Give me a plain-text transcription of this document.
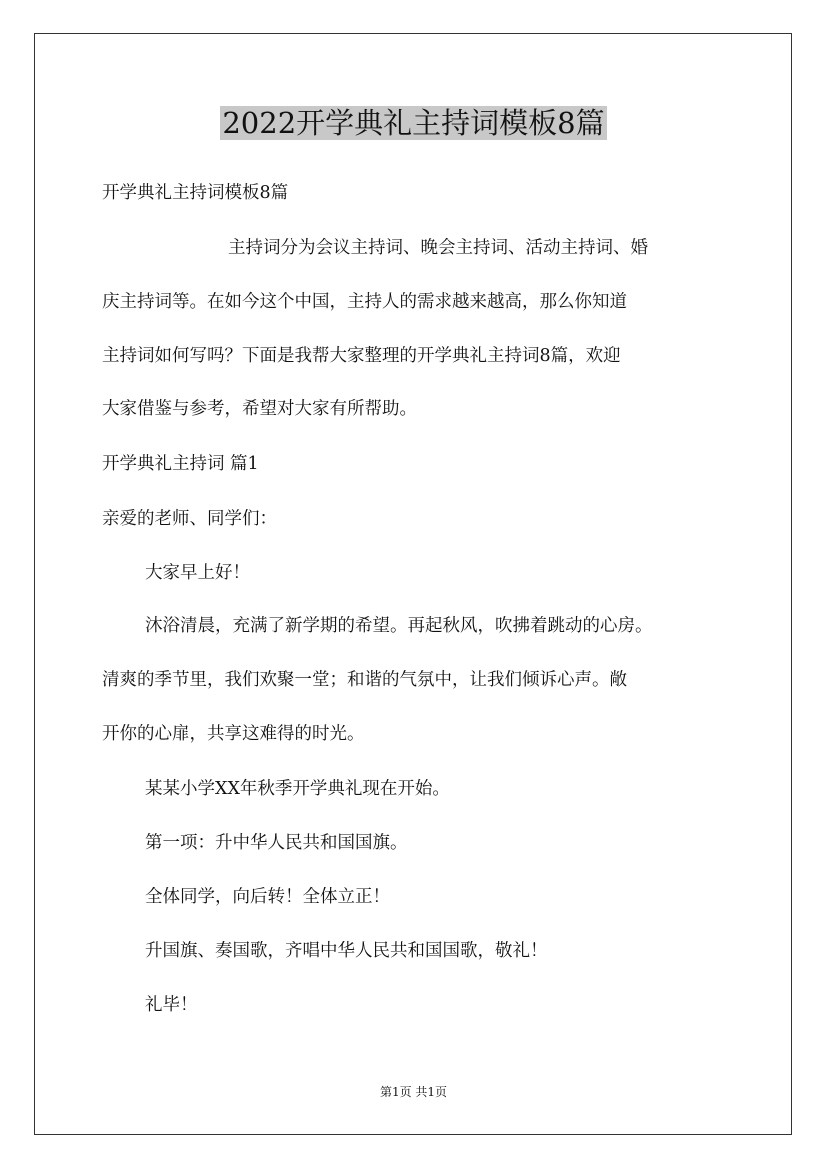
2022开学典礼主持词模板8篇

开学典礼主持词模板8篇

主持词分为会议主持词、晚会主持词、活动主持词、婚

庆主持词等。在如今这个中国，主持人的需求越来越高，那么你知道

主持词如何写吗？下面是我帮大家整理的开学典礼主持词8篇，欢迎

大家借鉴与参考，希望对大家有所帮助。

开学典礼主持词 篇1

亲爱的老师、同学们：

大家早上好！

沐浴清晨，充满了新学期的希望。再起秋风，吹拂着跳动的心房。

清爽的季节里，我们欢聚一堂；和谐的气氛中，让我们倾诉心声。敞

开你的心扉，共享这难得的时光。

某某小学XX年秋季开学典礼现在开始。

第一项：升中华人民共和国国旗。

全体同学，向后转！全体立正！

升国旗、奏国歌，齐唱中华人民共和国国歌，敬礼！

礼毕！

第1页 共1页
